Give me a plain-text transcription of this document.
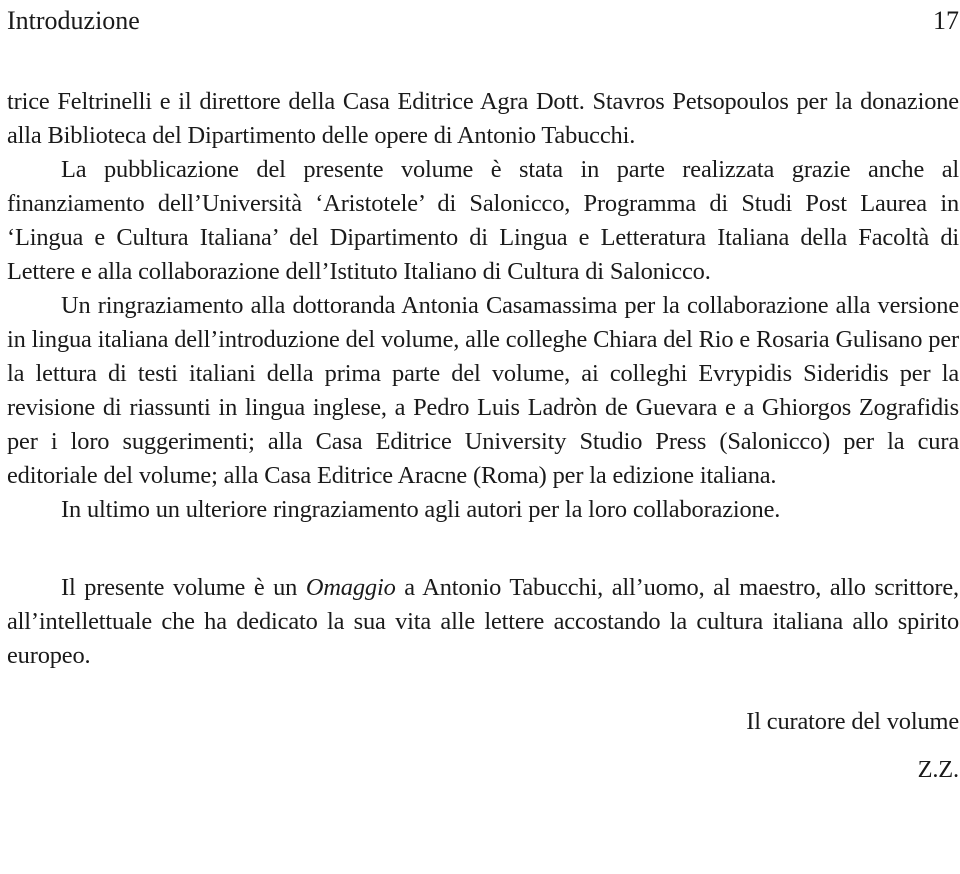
Introduzione	17

trice Feltrinelli e il direttore della Casa Editrice Agra Dott. Stavros Petsopoulos per la donazione alla Biblioteca del Dipartimento delle opere di Antonio Tabucchi.

La pubblicazione del presente volume è stata in parte realizzata grazie anche al finanziamento dell’Università ‘Aristotele’ di Salonicco, Programma di Studi Post Laurea in ‘Lingua e Cultura Italiana’ del Dipartimento di Lingua e Letteratura Italiana della Facoltà di Lettere e alla collaborazione dell’Istituto Italiano di Cultura di Salonicco.

Un ringraziamento alla dottoranda Antonia Casamassima per la collaborazione alla versione in lingua italiana dell’introduzione del volume, alle colleghe Chiara del Rio e Rosaria Gulisano per la lettura di testi italiani della prima parte del volume, ai colleghi Evrypidis Sideridis per la revisione di riassunti in lingua inglese, a Pedro Luis Ladròn de Guevara e a Ghiorgos Zografidis per i loro suggerimenti; alla Casa Editrice University Studio Press (Salonicco) per la cura editoriale del volume; alla Casa Editrice Aracne (Roma) per la edizione italiana.

In ultimo un ulteriore ringraziamento agli autori per la loro collaborazione.

Il presente volume è un Omaggio a Antonio Tabucchi, all’uomo, al maestro, allo scrittore, all’intellettuale che ha dedicato la sua vita alle lettere accostando la cultura italiana allo spirito europeo.

Il curatore del volume

Z.Z.
